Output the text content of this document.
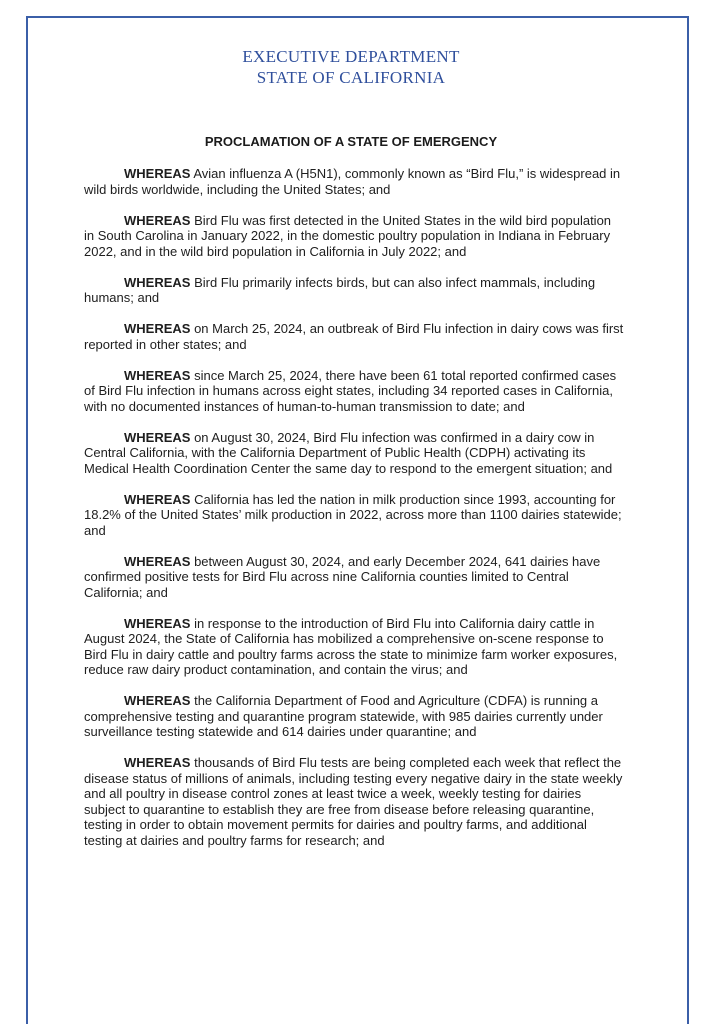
EXECUTIVE DEPARTMENT
STATE OF CALIFORNIA
PROCLAMATION OF A STATE OF EMERGENCY

WHEREAS Avian influenza A (H5N1), commonly known as “Bird Flu,” is widespread in wild birds worldwide, including the United States; and

WHEREAS Bird Flu was first detected in the United States in the wild bird population in South Carolina in January 2022, in the domestic poultry population in Indiana in February 2022, and in the wild bird population in California in July 2022; and

WHEREAS Bird Flu primarily infects birds, but can also infect mammals, including humans; and

WHEREAS on March 25, 2024, an outbreak of Bird Flu infection in dairy cows was first reported in other states; and

WHEREAS since March 25, 2024, there have been 61 total reported confirmed cases of Bird Flu infection in humans across eight states, including 34 reported cases in California, with no documented instances of human-to-human transmission to date; and

WHEREAS on August 30, 2024, Bird Flu infection was confirmed in a dairy cow in Central California, with the California Department of Public Health (CDPH) activating its Medical Health Coordination Center the same day to respond to the emergent situation; and

WHEREAS California has led the nation in milk production since 1993, accounting for 18.2% of the United States’ milk production in 2022, across more than 1100 dairies statewide; and

WHEREAS between August 30, 2024, and early December 2024, 641 dairies have confirmed positive tests for Bird Flu across nine California counties limited to Central California; and

WHEREAS in response to the introduction of Bird Flu into California dairy cattle in August 2024, the State of California has mobilized a comprehensive on-scene response to Bird Flu in dairy cattle and poultry farms across the state to minimize farm worker exposures, reduce raw dairy product contamination, and contain the virus; and

WHEREAS the California Department of Food and Agriculture (CDFA) is running a comprehensive testing and quarantine program statewide, with 985 dairies currently under surveillance testing statewide and 614 dairies under quarantine; and

WHEREAS thousands of Bird Flu tests are being completed each week that reflect the disease status of millions of animals, including testing every negative dairy in the state weekly and all poultry in disease control zones at least twice a week, weekly testing for dairies subject to quarantine to establish they are free from disease before releasing quarantine, testing in order to obtain movement permits for dairies and poultry farms, and additional testing at dairies and poultry farms for research; and
